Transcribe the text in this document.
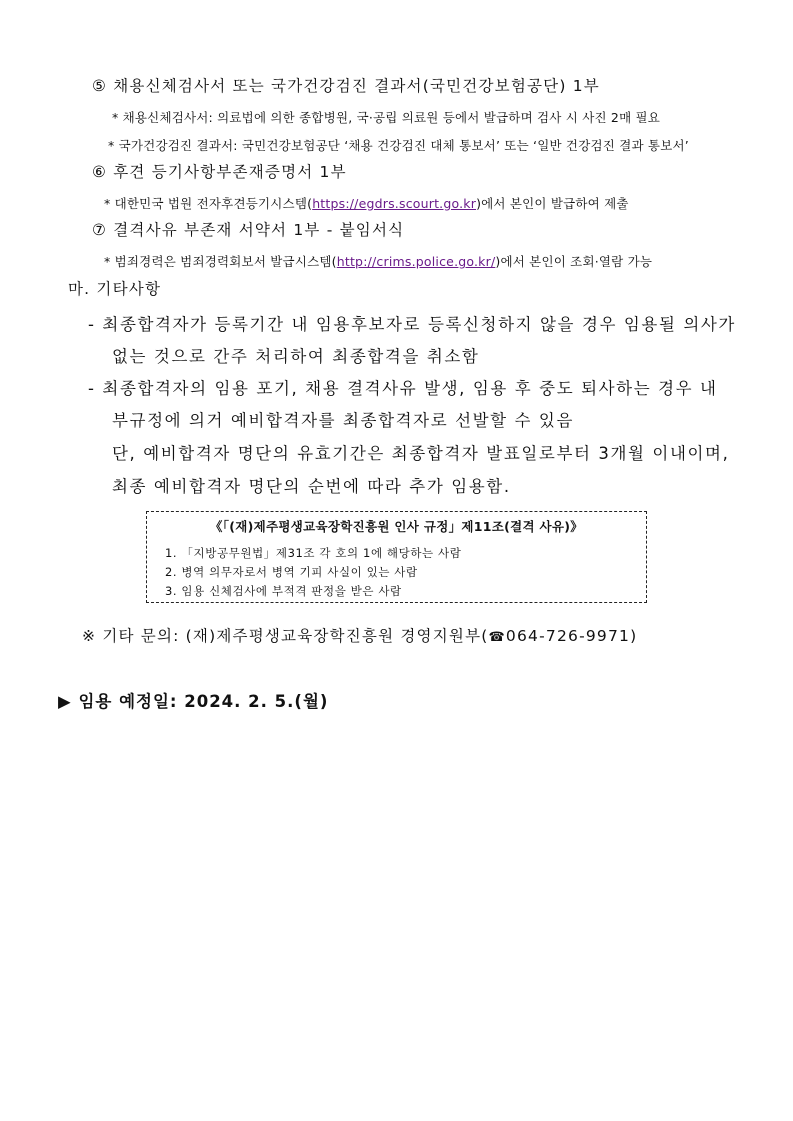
⑤ 채용신체검사서 또는 국가건강검진 결과서(국민건강보험공단) 1부
* 채용신체검사서: 의료법에 의한 종합병원, 국·공립 의료원 등에서 발급하며 검사 시 사진 2매 필요
* 국가건강검진 결과서: 국민건강보험공단 ‘채용 건강검진 대체 통보서’ 또는 ‘일반 건강검진 결과 통보서’
⑥ 후견 등기사항부존재증명서 1부
* 대한민국 법원 전자후견등기시스템(https://egdrs.scourt.go.kr)에서 본인이 발급하여 제출
⑦ 결격사유 부존재 서약서 1부 - 붙임서식
* 범죄경력은 범죄경력회보서 발급시스템(http://crims.police.go.kr/)에서 본인이 조회·열람 가능
마. 기타사항
- 최종합격자가 등록기간 내 임용후보자로 등록신청하지 않을 경우 임용될 의사가
없는 것으로 간주 처리하여 최종합격을 취소함
- 최종합격자의 임용 포기, 채용 결격사유 발생, 임용 후 중도 퇴사하는 경우 내
부규정에 의거 예비합격자를 최종합격자로 선발할 수 있음
단, 예비합격자 명단의 유효기간은 최종합격자 발표일로부터 3개월 이내이며,
최종 예비합격자 명단의 순번에 따라 추가 임용함.
《「(재)제주평생교육장학진흥원 인사 규정」제11조(결격 사유)》
1. 「지방공무원법」제31조 각 호의 1에 해당하는 사람
2. 병역 의무자로서 병역 기피 사실이 있는 사람
3. 임용 신체검사에 부적격 판정을 받은 사람
※ 기타 문의: (재)제주평생교육장학진흥원 경영지원부(☎064-726-9971)
▶ 임용 예정일: 2024. 2. 5.(월)
